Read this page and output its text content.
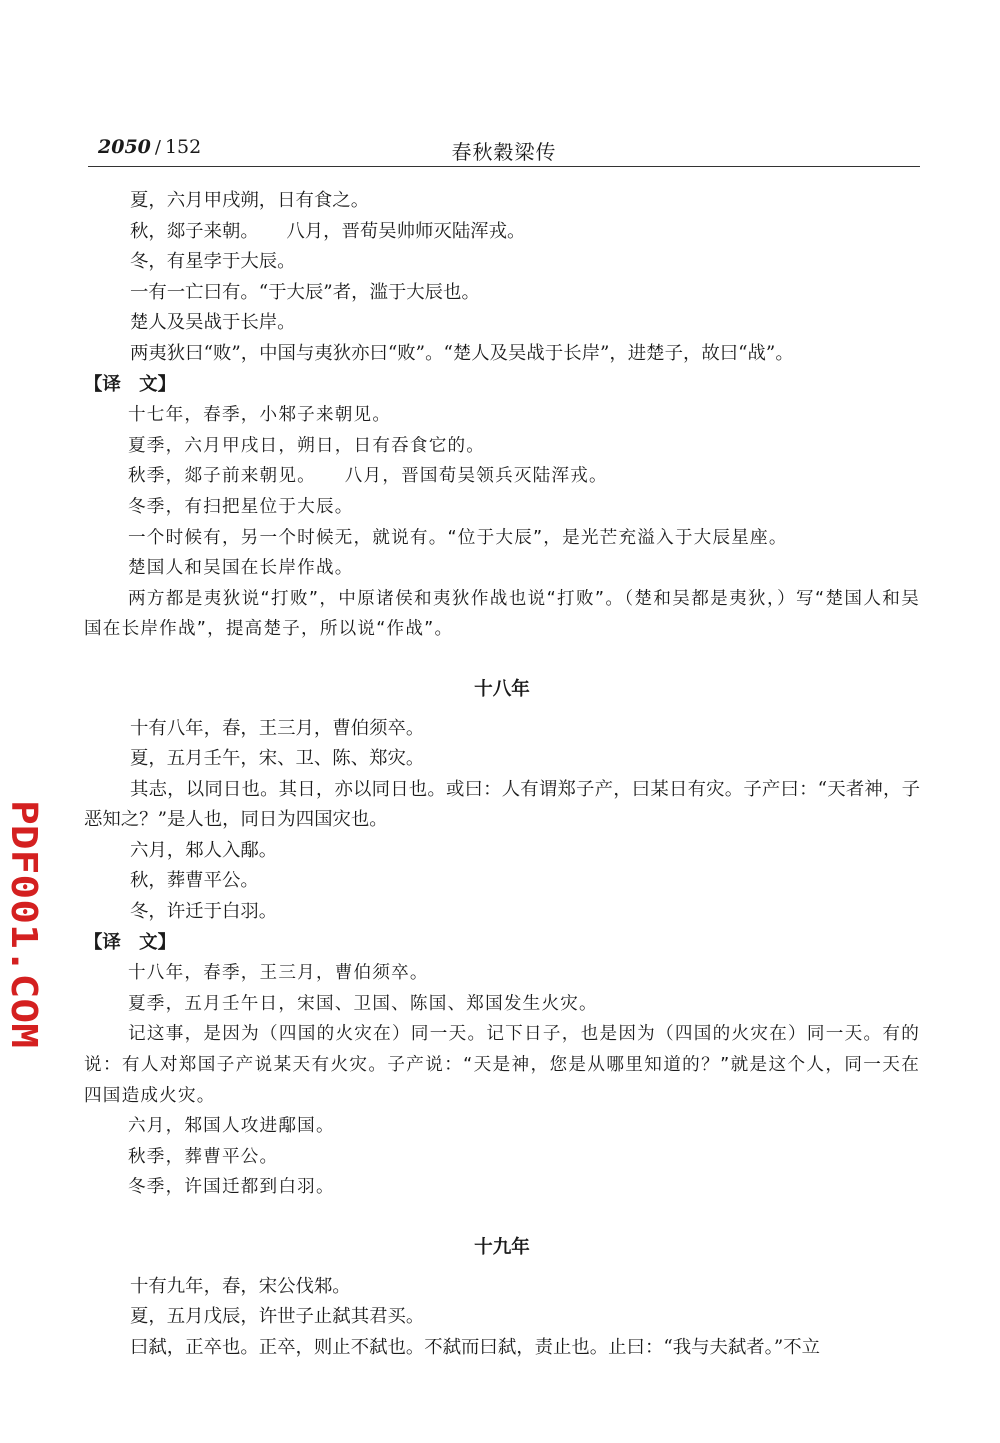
2050 / 152	春秋穀梁传
PDF001.COM

夏，六月甲戌朔，日有食之。

秋，郯子来朝。　　八月，晋荀吴帅师灭陆浑戎。

冬，有星孛于大辰。

一有一亡曰有。“于大辰”者，滥于大辰也。

楚人及吴战于长岸。

两夷狄曰“败”，中国与夷狄亦曰“败”。“楚人及吴战于长岸”，进楚子，故曰“战”。

【译　文】

十七年，春季，小邾子来朝见。

夏季，六月甲戌日，朔日，日有吞食它的。

秋季，郯子前来朝见。　　八月，晋国荀吴领兵灭陆浑戎。

冬季，有扫把星位于大辰。

一个时候有，另一个时候无，就说有。“位于大辰”，是光芒充溢入于大辰星座。

楚国人和吴国在长岸作战。

两方都是夷狄说“打败”，中原诸侯和夷狄作战也说“打败”。（楚和吴都是夷狄，）写“楚国人和吴国在长岸作战”，提高楚子，所以说“作战”。

十八年

十有八年，春，王三月，曹伯须卒。

夏，五月壬午，宋、卫、陈、郑灾。

其志，以同日也。其日，亦以同日也。或曰：人有谓郑子产，曰某日有灾。子产曰：“天者神，子恶知之？”是人也，同日为四国灾也。

六月，邾人入鄅。

秋，葬曹平公。

冬，许迁于白羽。

【译　文】

十八年，春季，王三月，曹伯须卒。

夏季，五月壬午日，宋国、卫国、陈国、郑国发生火灾。

记这事，是因为（四国的火灾在）同一天。记下日子，也是因为（四国的火灾在）同一天。有的说：有人对郑国子产说某天有火灾。子产说：“天是神，您是从哪里知道的？”就是这个人，同一天在四国造成火灾。

六月，邾国人攻进鄅国。

秋季，葬曹平公。

冬季，许国迁都到白羽。

十九年

十有九年，春，宋公伐邾。

夏，五月戊辰，许世子止弑其君买。

曰弑，正卒也。正卒，则止不弑也。不弑而曰弑，责止也。止曰：“我与夫弑者。”不立
